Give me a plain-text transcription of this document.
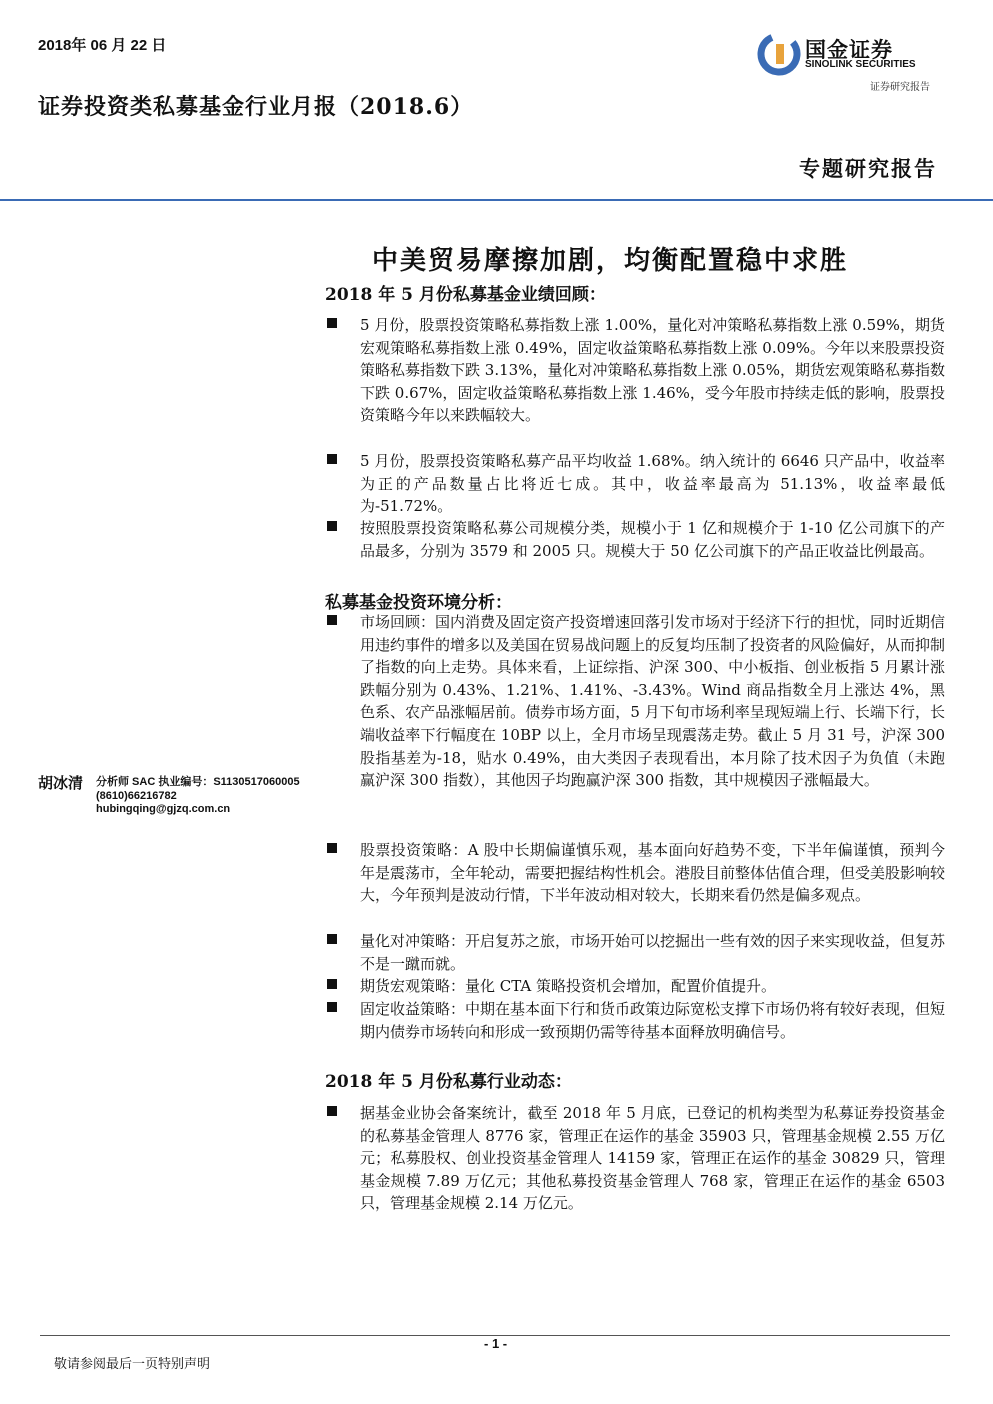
2018年 06 月 22 日
证券投资类私募基金行业月报（2018.6）
国金证券
SINOLINK SECURITIES
证券研究报告
专题研究报告
中美贸易摩擦加剧，均衡配置稳中求胜
2018 年 5 月份私募基金业绩回顾：
5 月份，股票投资策略私募指数上涨 1.00%，量化对冲策略私募指数上涨 0.59%，期货宏观策略私募指数上涨 0.49%，固定收益策略私募指数上涨 0.09%。今年以来股票投资策略私募指数下跌 3.13%，量化对冲策略私募指数上涨 0.05%，期货宏观策略私募指数下跌 0.67%，固定收益策略私募指数上涨 1.46%，受今年股市持续走低的影响，股票投资策略今年以来跌幅较大。
5 月份，股票投资策略私募产品平均收益 1.68%。纳入统计的 6646 只产品中，收益率为正的产品数量占比将近七成。其中，收益率最高为 51.13%，收益率最低为-51.72%。
按照股票投资策略私募公司规模分类，规模小于 1 亿和规模介于 1-10 亿公司旗下的产品最多，分别为 3579 和 2005 只。规模大于 50 亿公司旗下的产品正收益比例最高。
私募基金投资环境分析：
市场回顾：国内消费及固定资产投资增速回落引发市场对于经济下行的担忧，同时近期信用违约事件的增多以及美国在贸易战问题上的反复均压制了投资者的风险偏好，从而抑制了指数的向上走势。具体来看，上证综指、沪深 300、中小板指、创业板指 5 月累计涨跌幅分别为 0.43%、1.21%、1.41%、-3.43%。Wind 商品指数全月上涨达 4%，黑色系、农产品涨幅居前。债券市场方面，5 月下旬市场利率呈现短端上行、长端下行，长端收益率下行幅度在 10BP 以上，全月市场呈现震荡走势。截止 5 月 31 号，沪深 300 股指基差为-18，贴水 0.49%，由大类因子表现看出，本月除了技术因子为负值（未跑赢沪深 300 指数），其他因子均跑赢沪深 300 指数，其中规模因子涨幅最大。
股票投资策略：A 股中长期偏谨慎乐观，基本面向好趋势不变，下半年偏谨慎，预判今年是震荡市，全年轮动，需要把握结构性机会。港股目前整体估值合理，但受美股影响较大，今年预判是波动行情，下半年波动相对较大，长期来看仍然是偏多观点。
量化对冲策略：开启复苏之旅，市场开始可以挖掘出一些有效的因子来实现收益，但复苏不是一蹴而就。
期货宏观策略：量化 CTA 策略投资机会增加，配置价值提升。
固定收益策略：中期在基本面下行和货币政策边际宽松支撑下市场仍将有较好表现，但短期内债券市场转向和形成一致预期仍需等待基本面释放明确信号。
2018 年 5 月份私募行业动态：
据基金业协会备案统计，截至 2018 年 5 月底，已登记的机构类型为私募证券投资基金的私募基金管理人 8776 家，管理正在运作的基金 35903 只，管理基金规模 2.55 万亿元；私募股权、创业投资基金管理人 14159 家，管理正在运作的基金 30829 只，管理基金规模 7.89 万亿元；其他私募投资基金管理人 768 家，管理正在运作的基金 6503 只，管理基金规模 2.14 万亿元。
胡冰清 分析师 SAC 执业编号：S1130517060005
(8610)66216782
hubingqing@gjzq.com.cn
- 1 -
敬请参阅最后一页特别声明
